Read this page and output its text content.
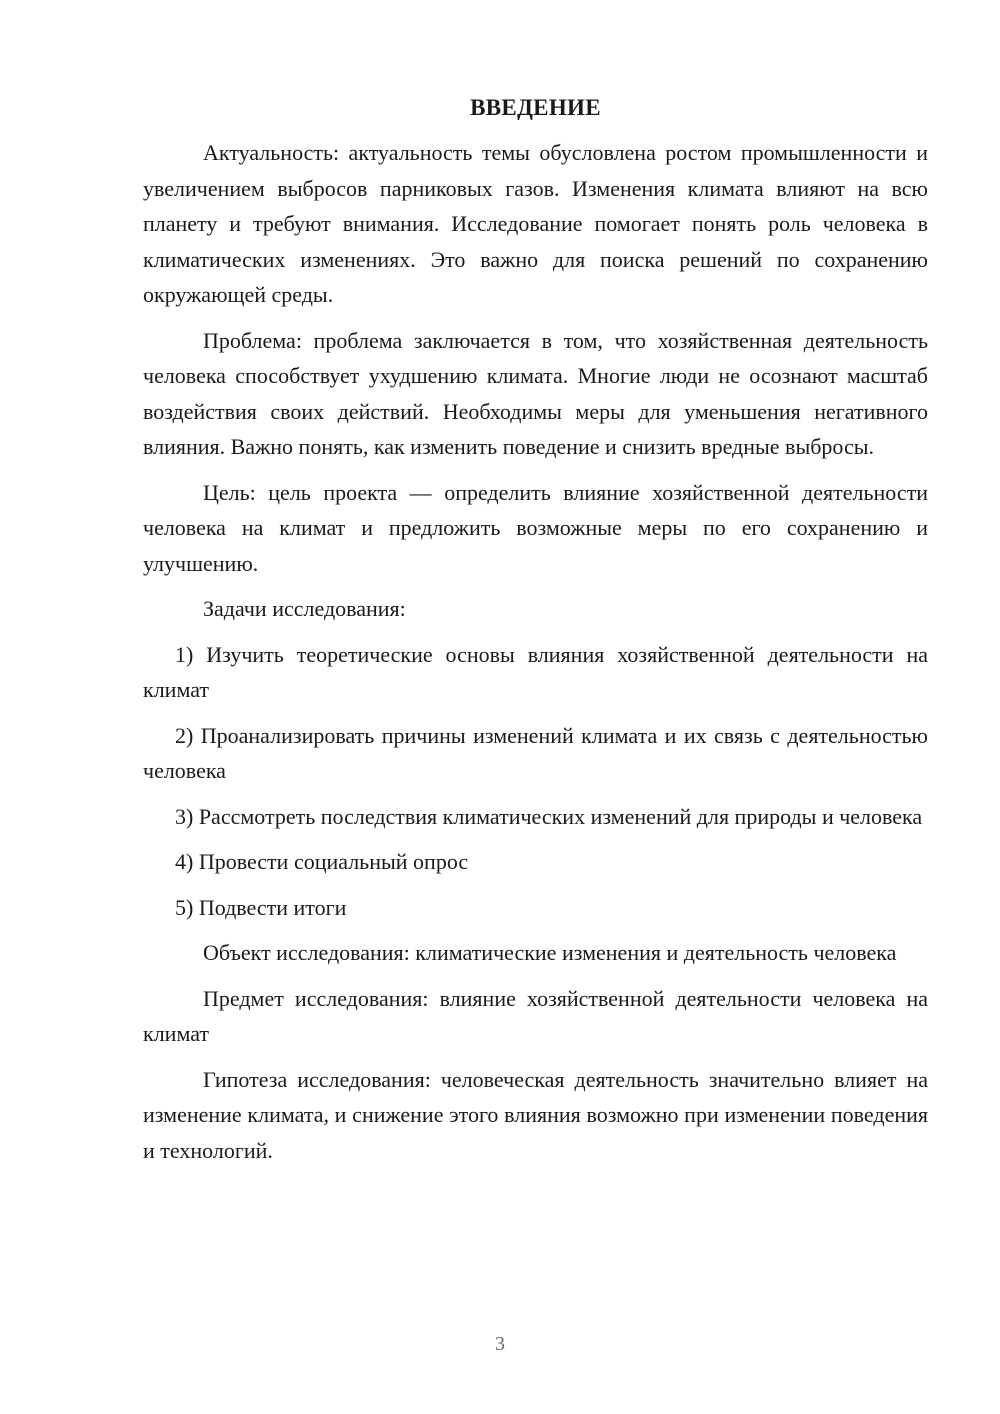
ВВЕДЕНИЕ

Актуальность: актуальность темы обусловлена ростом промышленности и увеличением выбросов парниковых газов. Изменения климата влияют на всю планету и требуют внимания. Исследование помогает понять роль человека в климатических изменениях. Это важно для поиска решений по сохранению окружающей среды.

Проблема: проблема заключается в том, что хозяйственная деятельность человека способствует ухудшению климата. Многие люди не осознают масштаб воздействия своих действий. Необходимы меры для уменьшения негативного влияния. Важно понять, как изменить поведение и снизить вредные выбросы.

Цель: цель проекта — определить влияние хозяйственной деятельности человека на климат и предложить возможные меры по его сохранению и улучшению.

Задачи исследования:

1) Изучить теоретические основы влияния хозяйственной деятельности на климат

2) Проанализировать причины изменений климата и их связь с деятельностью человека

3) Рассмотреть последствия климатических изменений для природы и человека

4) Провести социальный опрос

5) Подвести итоги

Объект исследования: климатические изменения и деятельность человека

Предмет исследования: влияние хозяйственной деятельности человека на климат

Гипотеза исследования: человеческая деятельность значительно влияет на изменение климата, и снижение этого влияния возможно при изменении поведения и технологий.

3
